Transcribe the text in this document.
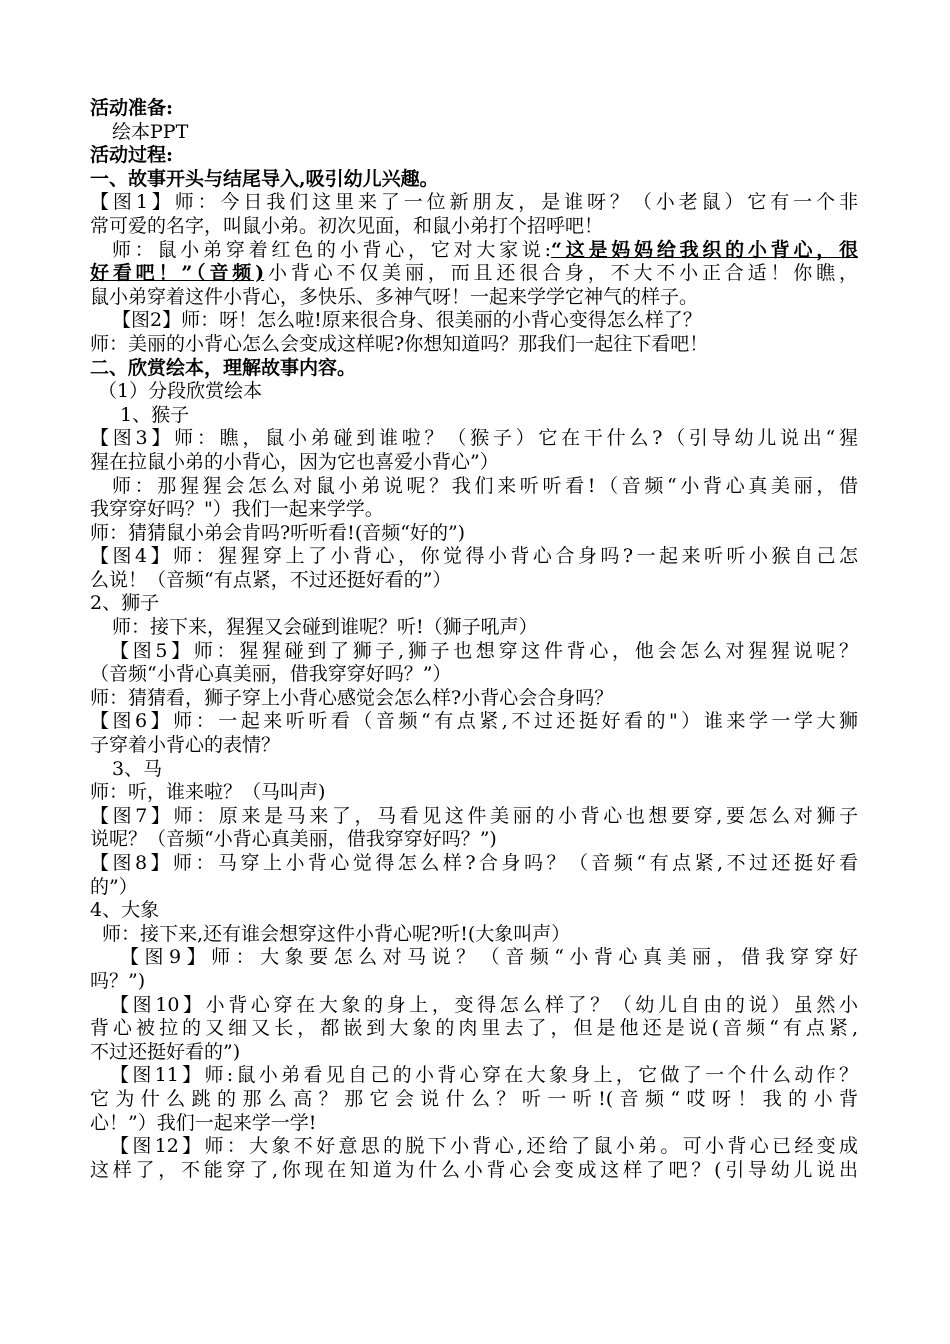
活动准备:
绘本PPT
活动过程:
一、故事开头与结尾导入,吸引幼儿兴趣。
【图1】师：今日我们这里来了一位新朋友，是谁呀？（小老鼠）它有一个非
常可爱的名字，叫鼠小弟。初次见面，和鼠小弟打个招呼吧！
师：鼠小弟穿着红色的小背心，它对大家说:“这是妈妈给我织的小背心，很
好看吧！”（音频)小背心不仅美丽，而且还很合身，不大不小正合适！你瞧，
鼠小弟穿着这件小背心，多快乐、多神气呀！一起来学学它神气的样子。
【图2】师：呀！怎么啦!原来很合身、很美丽的小背心变得怎么样了？
师：美丽的小背心怎么会变成这样呢?你想知道吗？那我们一起往下看吧！
二、欣赏绘本，理解故事内容。
（1）分段欣赏绘本
1、猴子
【图3】师：瞧，鼠小弟碰到谁啦？（猴子）它在干什么?（引导幼儿说出“猩
猩在拉鼠小弟的小背心，因为它也喜爱小背心”）
师：那猩猩会怎么对鼠小弟说呢？我们来听听看!（音频“小背心真美丽，借
我穿穿好吗？"）我们一起来学学。
师：猜猜鼠小弟会肯吗?听听看!(音频“好的”)
【图4】师：猩猩穿上了小背心，你觉得小背心合身吗?一起来听听小猴自己怎
么说！（音频“有点紧，不过还挺好看的”）
2、狮子
师：接下来，猩猩又会碰到谁呢？听!（狮子吼声）
【图5】师：猩猩碰到了狮子,狮子也想穿这件背心，他会怎么对猩猩说呢？
（音频“小背心真美丽，借我穿穿好吗？”）
师：猜猜看，狮子穿上小背心感觉会怎么样?小背心会合身吗？
【图6】师：一起来听听看（音频“有点紧,不过还挺好看的"）谁来学一学大狮
子穿着小背心的表情？
3、马
师：听，谁来啦？（马叫声)
【图7】师：原来是马来了，马看见这件美丽的小背心也想要穿,要怎么对狮子
说呢？（音频“小背心真美丽，借我穿穿好吗？”)
【图8】师：马穿上小背心觉得怎么样?合身吗？（音频“有点紧,不过还挺好看
的”）
4、大象
师：接下来,还有谁会想穿这件小背心呢?听!(大象叫声）
【图9】师：大象要怎么对马说？（音频“小背心真美丽，借我穿穿好
吗？”)
【图10】小背心穿在大象的身上，变得怎么样了？（幼儿自由的说）虽然小
背心被拉的又细又长，都嵌到大象的肉里去了，但是他还是说(音频“有点紧,
不过还挺好看的”)
【图11】师:鼠小弟看见自己的小背心穿在大象身上，它做了一个什么动作？
它为什么跳的那么高？那它会说什么？听一听!(音频“哎呀！我的小背
心！”）我们一起来学一学!
【图12】师：大象不好意思的脱下小背心,还给了鼠小弟。可小背心已经变成
这样了，不能穿了,你现在知道为什么小背心会变成这样了吧？(引导幼儿说出
